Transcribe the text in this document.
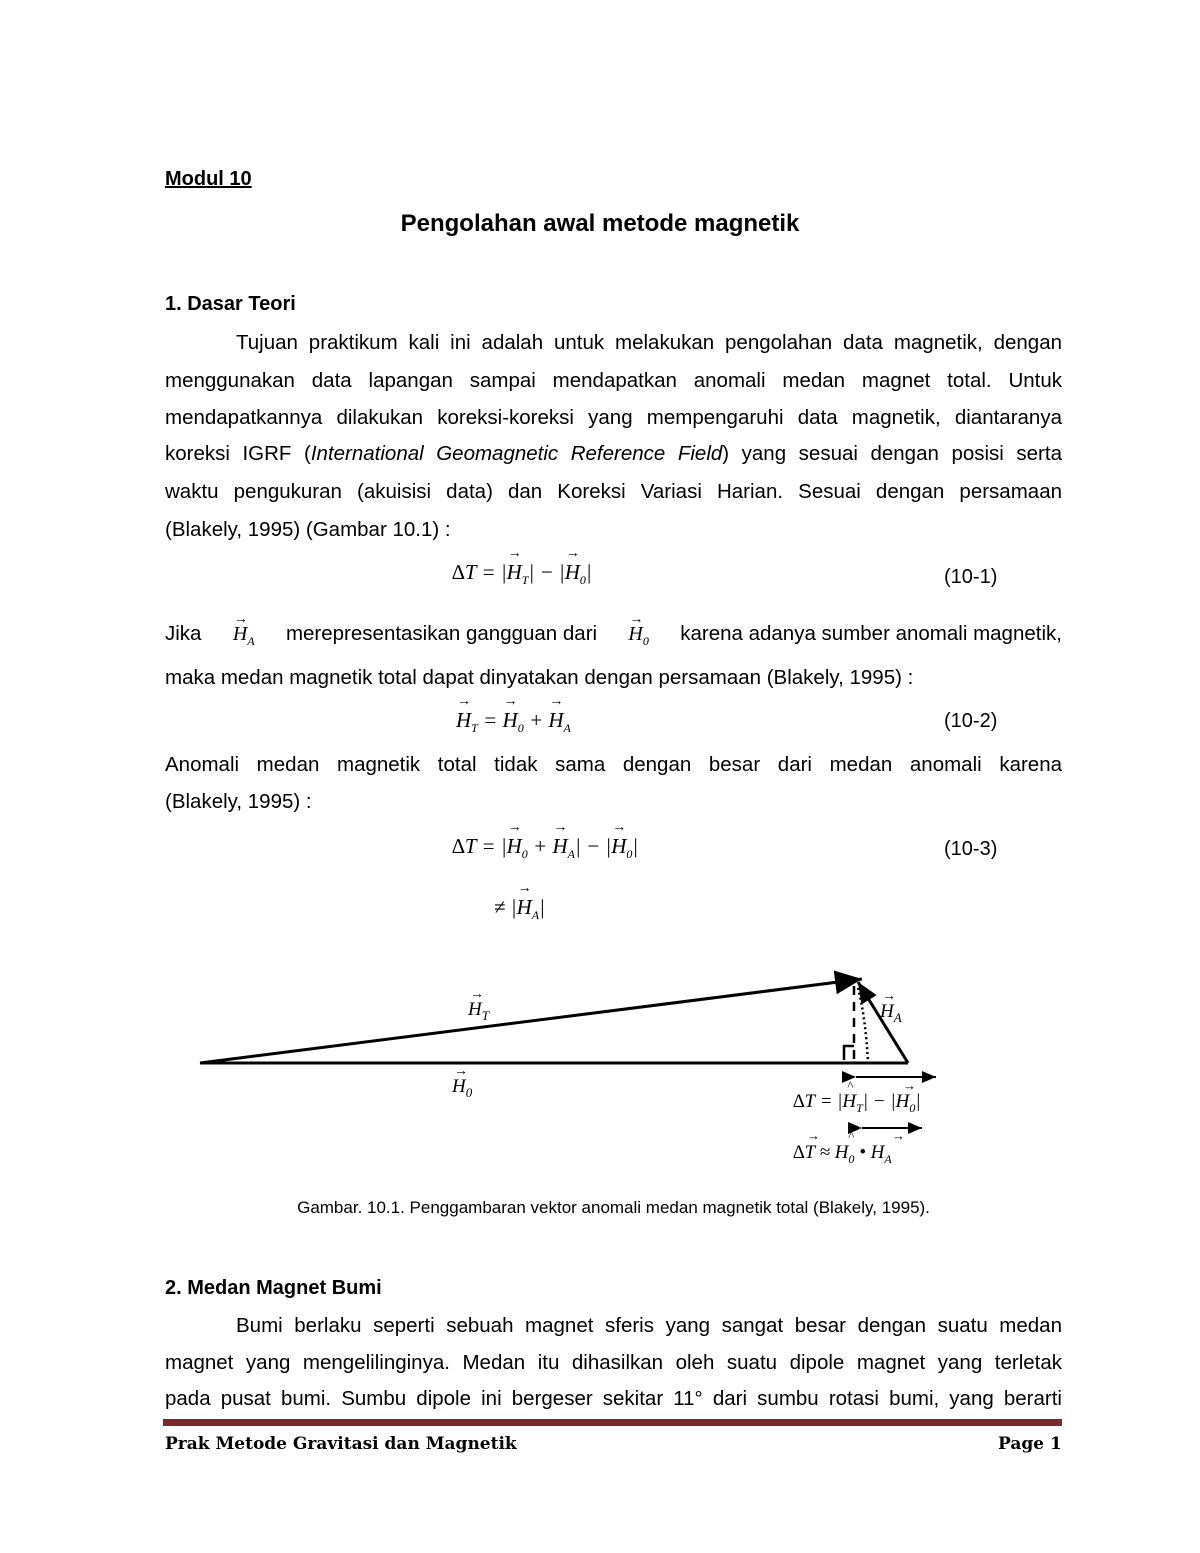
Modul 10
Pengolahan awal metode magnetik
1. Dasar Teori
Tujuan praktikum kali ini adalah untuk melakukan pengolahan data magnetik, dengan
menggunakan data lapangan sampai mendapatkan anomali medan magnet total. Untuk
mendapatkannya dilakukan koreksi-koreksi yang mempengaruhi data magnetik, diantaranya
koreksi IGRF (International Geomagnetic Reference Field) yang sesuai dengan posisi serta
waktu pengukuran (akuisisi data) dan Koreksi Variasi Harian. Sesuai dengan persamaan
(Blakely, 1995) (Gambar 10.1) :
∆T = |→ $H_T|$ − |→ $H_0|$	(10-1)
Jika → $H_A$ merepresentasikan gangguan dari → $H_0$ karena adanya sumber anomali magnetik,
maka medan magnetik total dapat dinyatakan dengan persamaan (Blakely, 1995) :
→ $H_T$ = → $H_0$ + → $H_A$	(10-2)
Anomali medan magnetik total tidak sama dengan besar dari medan anomali karena
(Blakely, 1995) :
∆T = |→ $H_0$ + → $H_A|$ − |→ $H_0|$	(10-3)
≠ |→ $H_A|$
$H_T$
→
$H_0$
→
$H_A$
→
$\Delta T = |H_T| - |H_0|$
^	→
$\Delta T \approx H_0$ • $H_A$
→ ^	→
Gambar. 10.1. Penggambaran vektor anomali medan magnetik total (Blakely, 1995).
2. Medan Magnet Bumi
Bumi berlaku seperti sebuah magnet sferis yang sangat besar dengan suatu medan
magnet yang mengelilinginya. Medan itu dihasilkan oleh suatu dipole magnet yang terletak
pada pusat bumi. Sumbu dipole ini bergeser sekitar 11° dari sumbu rotasi bumi, yang berarti
Prak Metode Gravitasi dan Magnetik	Page 1
